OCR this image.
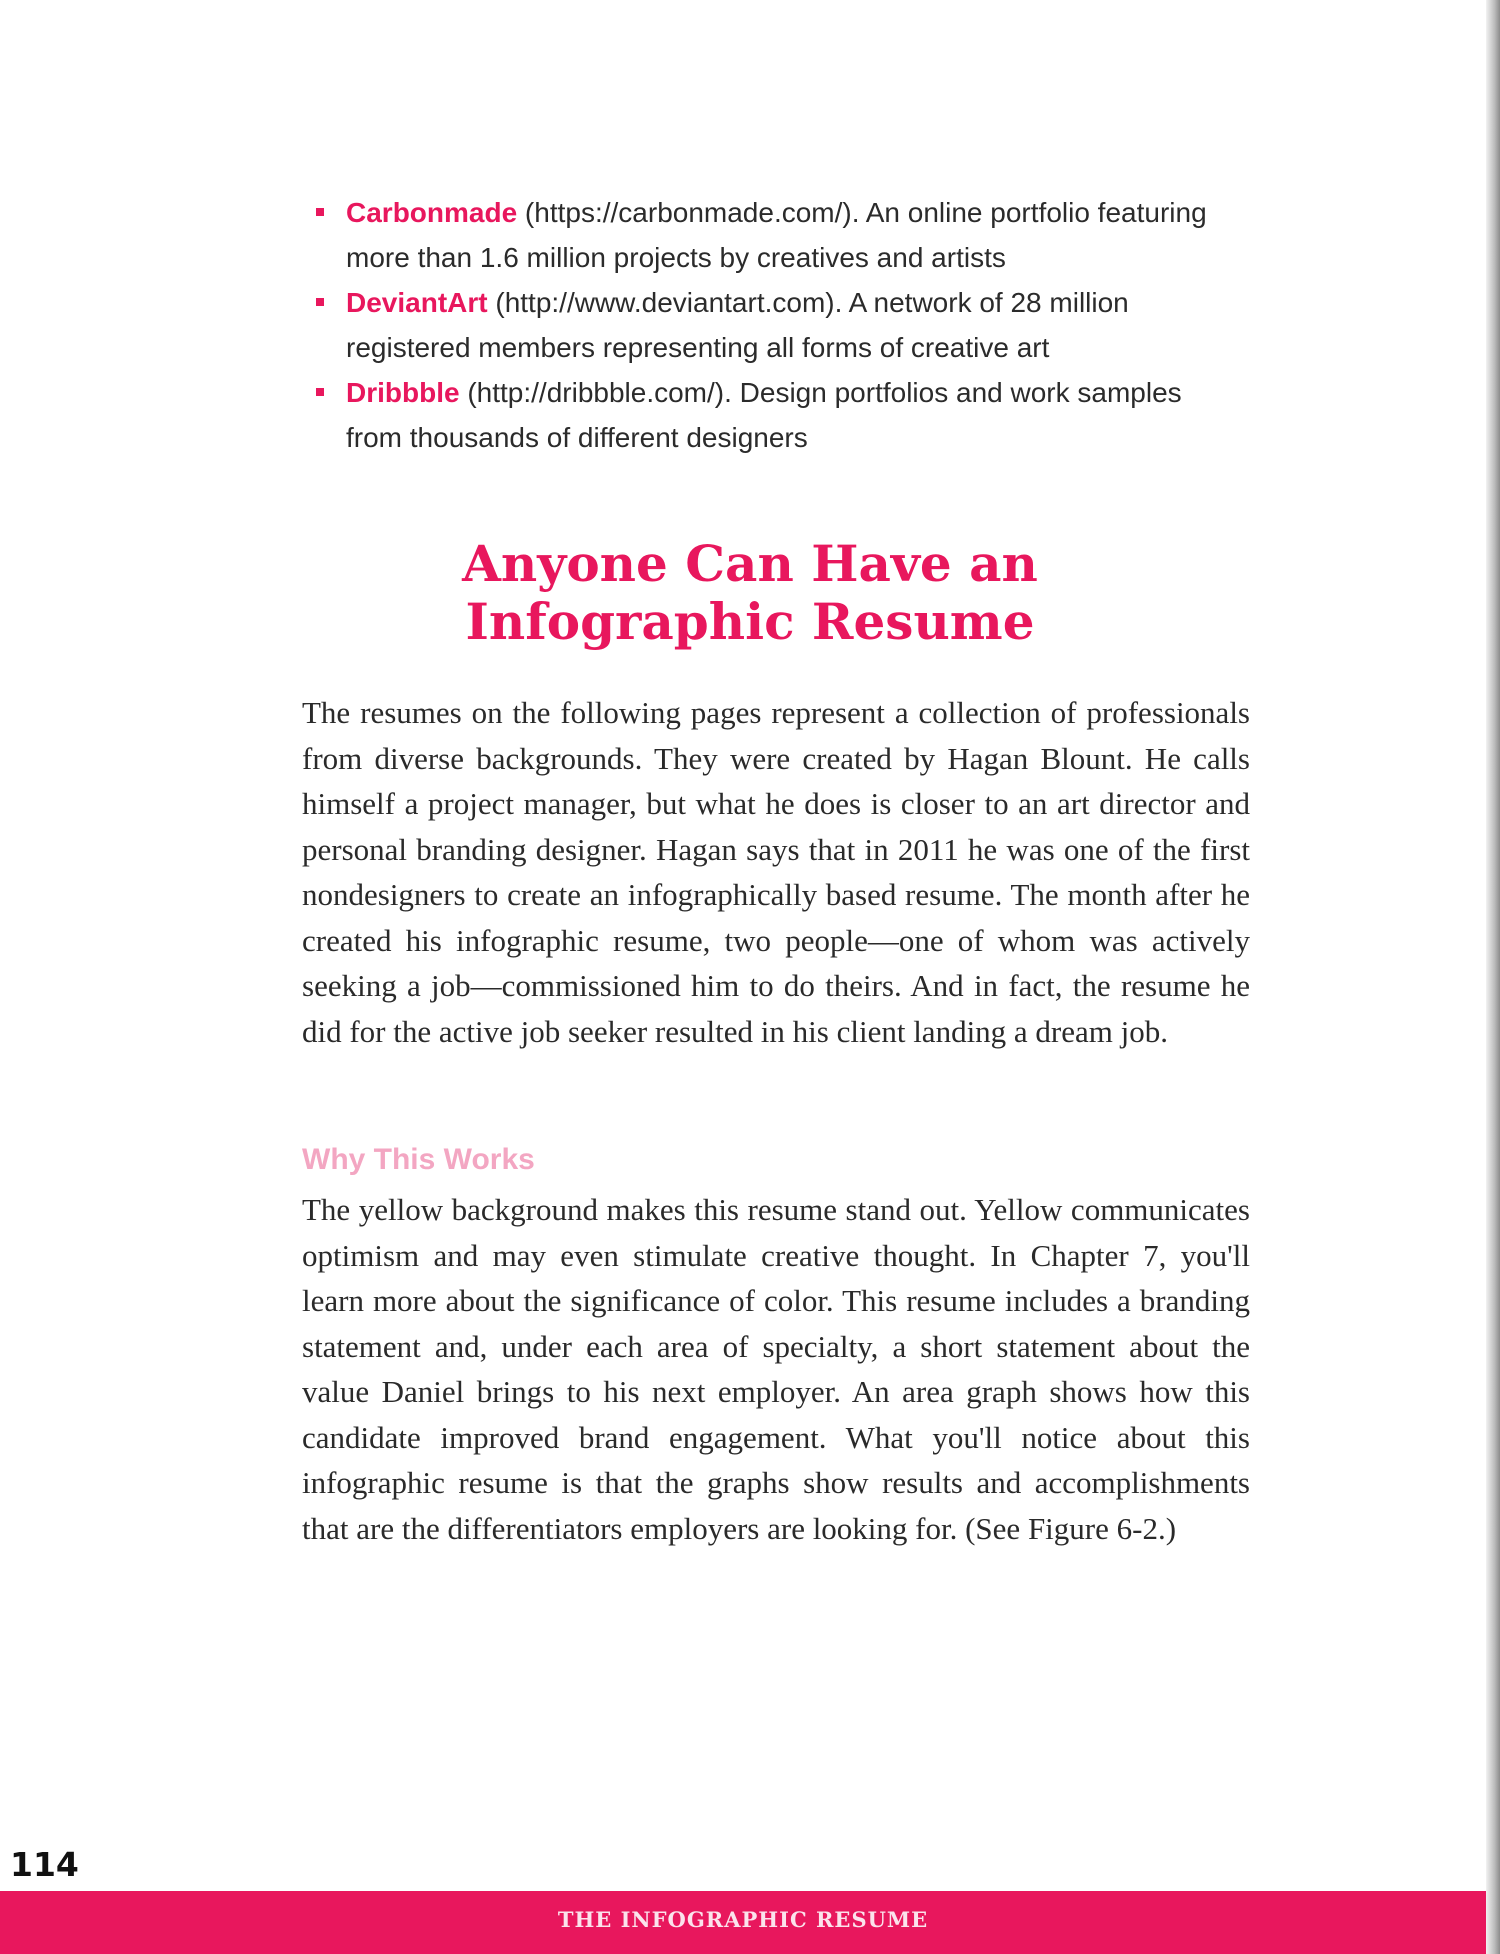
Carbonmade (https://carbonmade.com/). An online portfolio featuring more than 1.6 million projects by creatives and artists
DeviantArt (http://www.deviantart.com). A network of 28 million registered members representing all forms of creative art
Dribbble (http://dribbble.com/). Design portfolios and work samples from thousands of different designers
Anyone Can Have an
Infographic Resume

The resumes on the following pages represent a collection of professionals from diverse backgrounds. They were created by Hagan Blount. He calls himself a project manager, but what he does is closer to an art director and personal branding designer. Hagan says that in 2011 he was one of the first nondesigners to create an infographically based resume. The month after he created his infographic resume, two people—one of whom was actively seeking a job—commissioned him to do theirs. And in fact, the resume he did for the active job seeker resulted in his client landing a dream job.

Why This Works

The yellow background makes this resume stand out. Yellow communicates optimism and may even stimulate creative thought. In Chapter 7, you'll learn more about the significance of color. This resume includes a branding statement and, under each area of specialty, a short statement about the value Daniel brings to his next employer. An area graph shows how this candidate improved brand engagement. What you'll notice about this infographic resume is that the graphs show results and accomplishments that are the differentiators employers are looking for. (See Figure 6-2.)

114
THE INFOGRAPHIC RESUME
